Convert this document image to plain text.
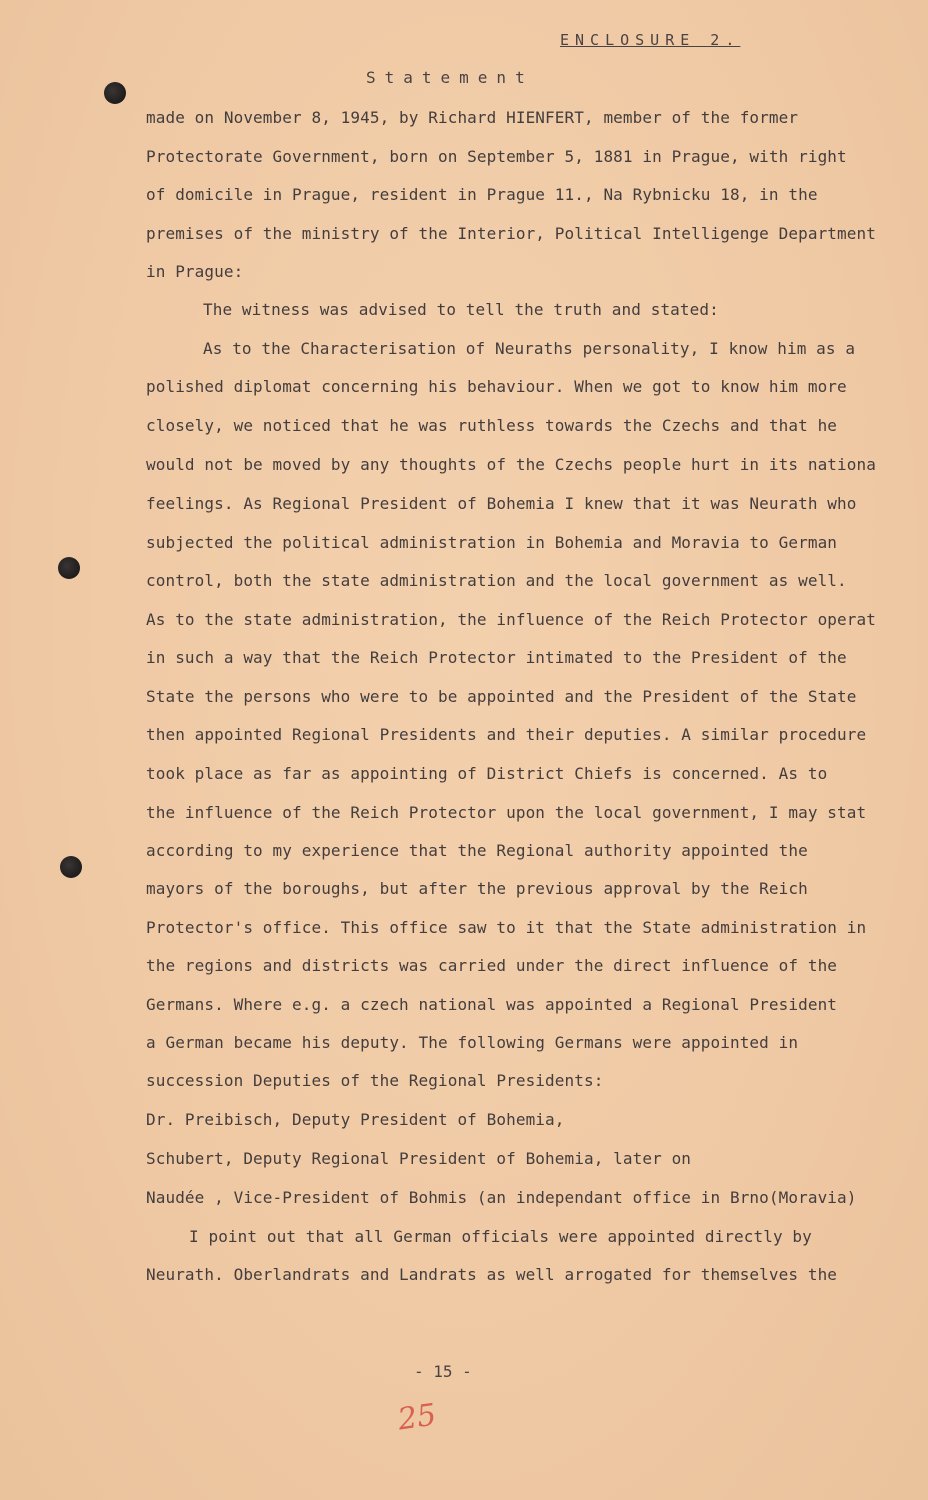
ENCLOSURE 2.
Statement
made on November 8, 1945, by Richard HIENFERT, member of the former
Protectorate Government, born on September 5, 1881 in Prague, with right
of domicile in Prague, resident in Prague 11., Na Rybnicku 18, in the
premises of the ministry of the Interior, Political Intelligenge Department
in Prague:
The witness was advised to tell the truth and stated:
As to the Characterisation of Neuraths personality, I know him as a
polished diplomat concerning his behaviour. When we got to know him more
closely, we noticed that he was ruthless towards the Czechs and that he
would not be moved by any thoughts of the Czechs people hurt in its nationa
feelings. As Regional President of Bohemia I knew that it was Neurath who
subjected the political administration in Bohemia and Moravia to German
control, both the state administration and the local government as well.
As to the state administration, the influence of the Reich Protector operat
in such a way that the Reich Protector intimated to the President of the
State the persons who were to be appointed and the President of the State
then appointed Regional Presidents and their deputies. A similar procedure
took place as far as appointing of District Chiefs is concerned. As to
the influence of the Reich Protector upon the local government, I may stat
according to my experience that the Regional authority appointed the
mayors of the boroughs, but after the previous approval by the Reich
Protector's office. This office saw to it that the State administration in
the regions and districts was carried under the direct influence of the
Germans. Where e.g. a czech national was appointed a Regional President
a German became his deputy. The following Germans were appointed in
succession Deputies of the Regional Presidents:
Dr. Preibisch, Deputy President of Bohemia,
Schubert, Deputy Regional President of Bohemia, later on
Naudée , Vice-President of Bohmis (an independant office in Brno(Moravia)
I point out that all German officials were appointed directly by
Neurath. Oberlandrats and Landrats as well arrogated for themselves the
- 15 -
25
